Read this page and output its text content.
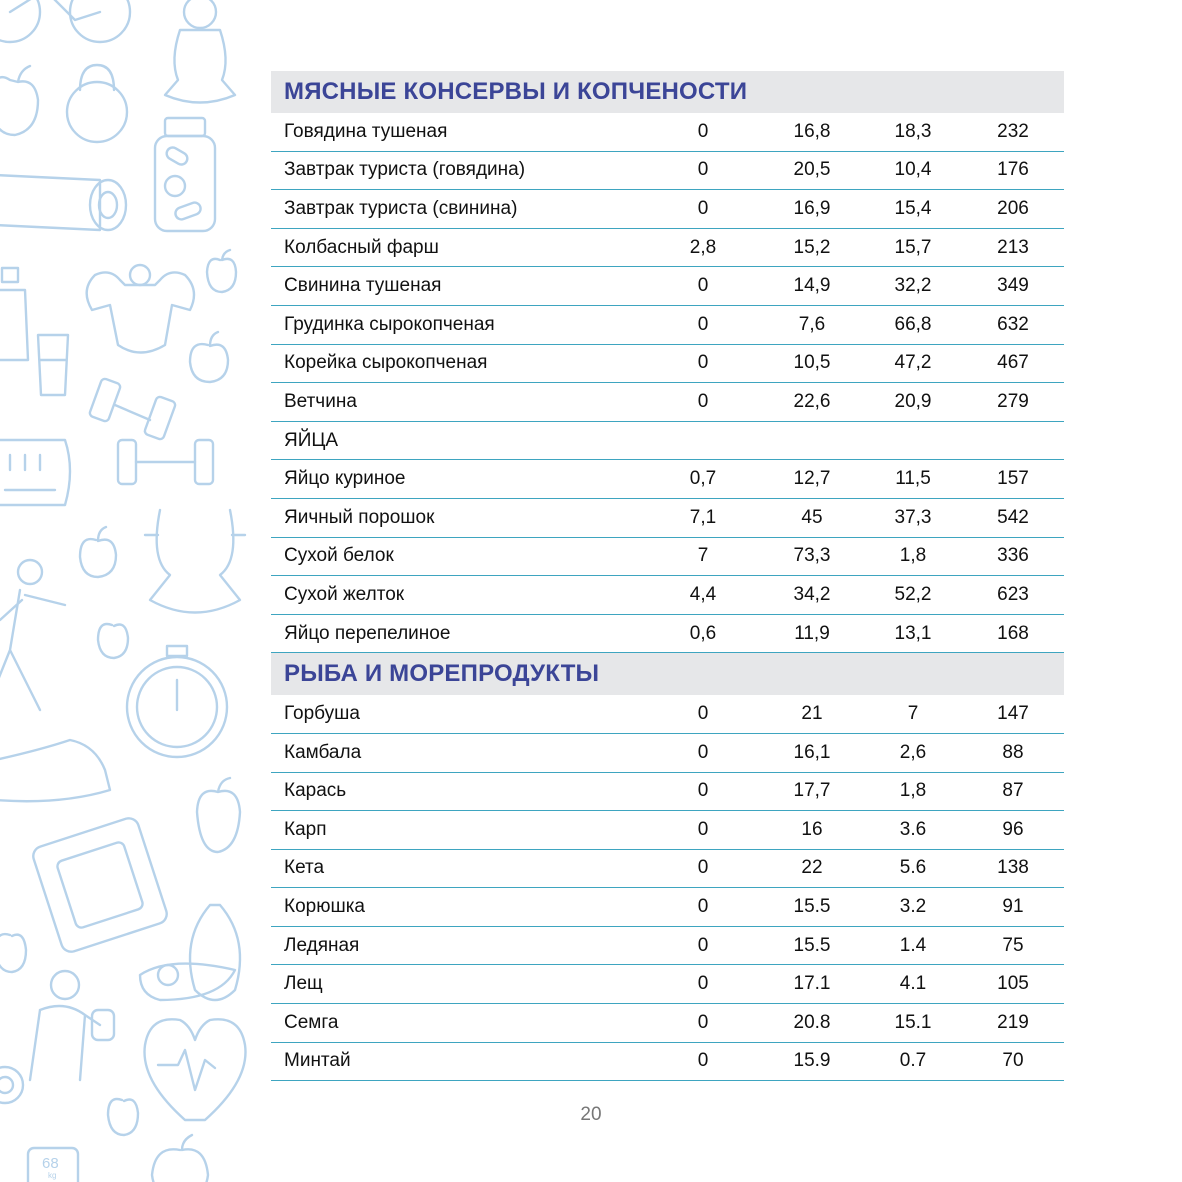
68
kg
МЯСНЫЕ КОНСЕРВЫ И КОПЧЕНОСТИ
Говядина тушеная	0	16,8	18,3	232
Завтрак туриста (говядина)	0	20,5	10,4	176
Завтрак туриста (свинина)	0	16,9	15,4	206
Колбасный фарш	2,8	15,2	15,7	213
Свинина тушеная	0	14,9	32,2	349
Грудинка сырокопченая	0	7,6	66,8	632
Корейка сырокопченая	0	10,5	47,2	467
Ветчина	0	22,6	20,9	279
ЯЙЦА
Яйцо куриное	0,7	12,7	11,5	157
Яичный порошок	7,1	45	37,3	542
Сухой белок	7	73,3	1,8	336
Сухой желток	4,4	34,2	52,2	623
Яйцо перепелиное	0,6	11,9	13,1	168
РЫБА И МОРЕПРОДУКТЫ
Горбуша	0	21	7	147
Камбала	0	16,1	2,6	88
Карась	0	17,7	1,8	87
Карп	0	16	3.6	96
Кета	0	22	5.6	138
Корюшка	0	15.5	3.2	91
Ледяная	0	15.5	1.4	75
Лещ	0	17.1	4.1	105
Семга	0	20.8	15.1	219
Минтай	0	15.9	0.7	70
20
